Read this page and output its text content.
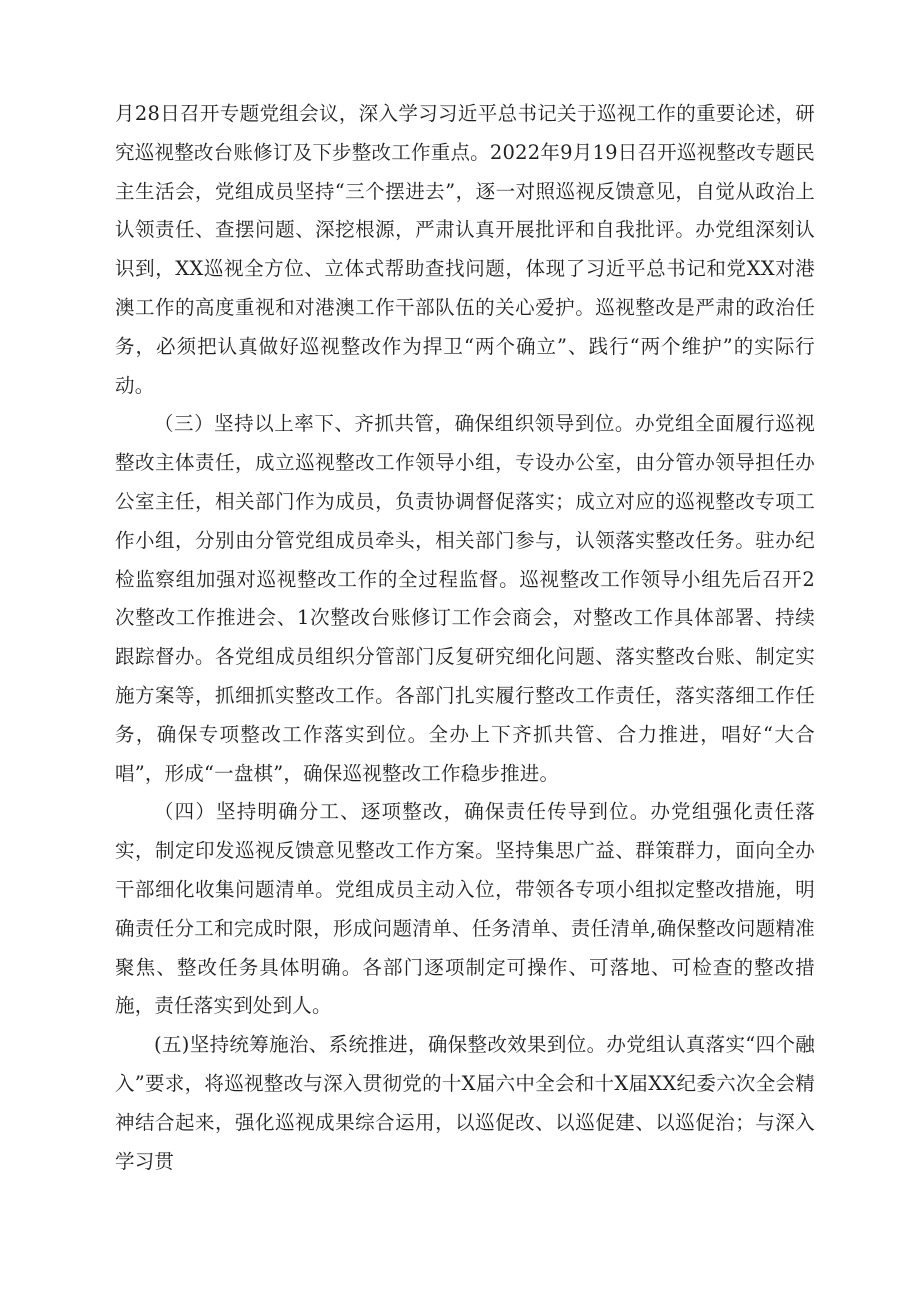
月28日召开专题党组会议，深入学习习近平总书记关于巡视工作的重要论述，研究巡视整改台账修订及下步整改工作重点。2022年9月19日召开巡视整改专题民主生活会，党组成员坚持“三个摆进去”，逐一对照巡视反馈意见，自觉从政治上认领责任、查摆问题、深挖根源，严肃认真开展批评和自我批评。办党组深刻认识到，XX巡视全方位、立体式帮助查找问题，体现了习近平总书记和党XX对港澳工作的高度重视和对港澳工作干部队伍的关心爱护。巡视整改是严肃的政治任务，必须把认真做好巡视整改作为捍卫“两个确立”、践行“两个维护”的实际行动。

（三）坚持以上率下、齐抓共管，确保组织领导到位。办党组全面履行巡视整改主体责任，成立巡视整改工作领导小组，专设办公室，由分管办领导担任办公室主任，相关部门作为成员，负责协调督促落实；成立对应的巡视整改专项工作小组，分别由分管党组成员牵头，相关部门参与，认领落实整改任务。驻办纪检监察组加强对巡视整改工作的全过程监督。巡视整改工作领导小组先后召开2次整改工作推进会、1次整改台账修订工作会商会，对整改工作具体部署、持续跟踪督办。各党组成员组织分管部门反复研究细化问题、落实整改台账、制定实施方案等，抓细抓实整改工作。各部门扎实履行整改工作责任，落实落细工作任务，确保专项整改工作落实到位。全办上下齐抓共管、合力推进，唱好“大合唱”，形成“一盘棋”，确保巡视整改工作稳步推进。

（四）坚持明确分工、逐项整改，确保责任传导到位。办党组强化责任落实，制定印发巡视反馈意见整改工作方案。坚持集思广益、群策群力，面向全办干部细化收集问题清单。党组成员主动入位，带领各专项小组拟定整改措施，明确责任分工和完成时限，形成问题清单、任务清单、责任清单,确保整改问题精准聚焦、整改任务具体明确。各部门逐项制定可操作、可落地、可检查的整改措施，责任落实到处到人。

(五)坚持统筹施治、系统推进，确保整改效果到位。办党组认真落实“四个融入”要求，将巡视整改与深入贯彻党的十X届六中全会和十X届XX纪委六次全会精神结合起来，强化巡视成果综合运用，以巡促改、以巡促建、以巡促治；与深入学习贯
